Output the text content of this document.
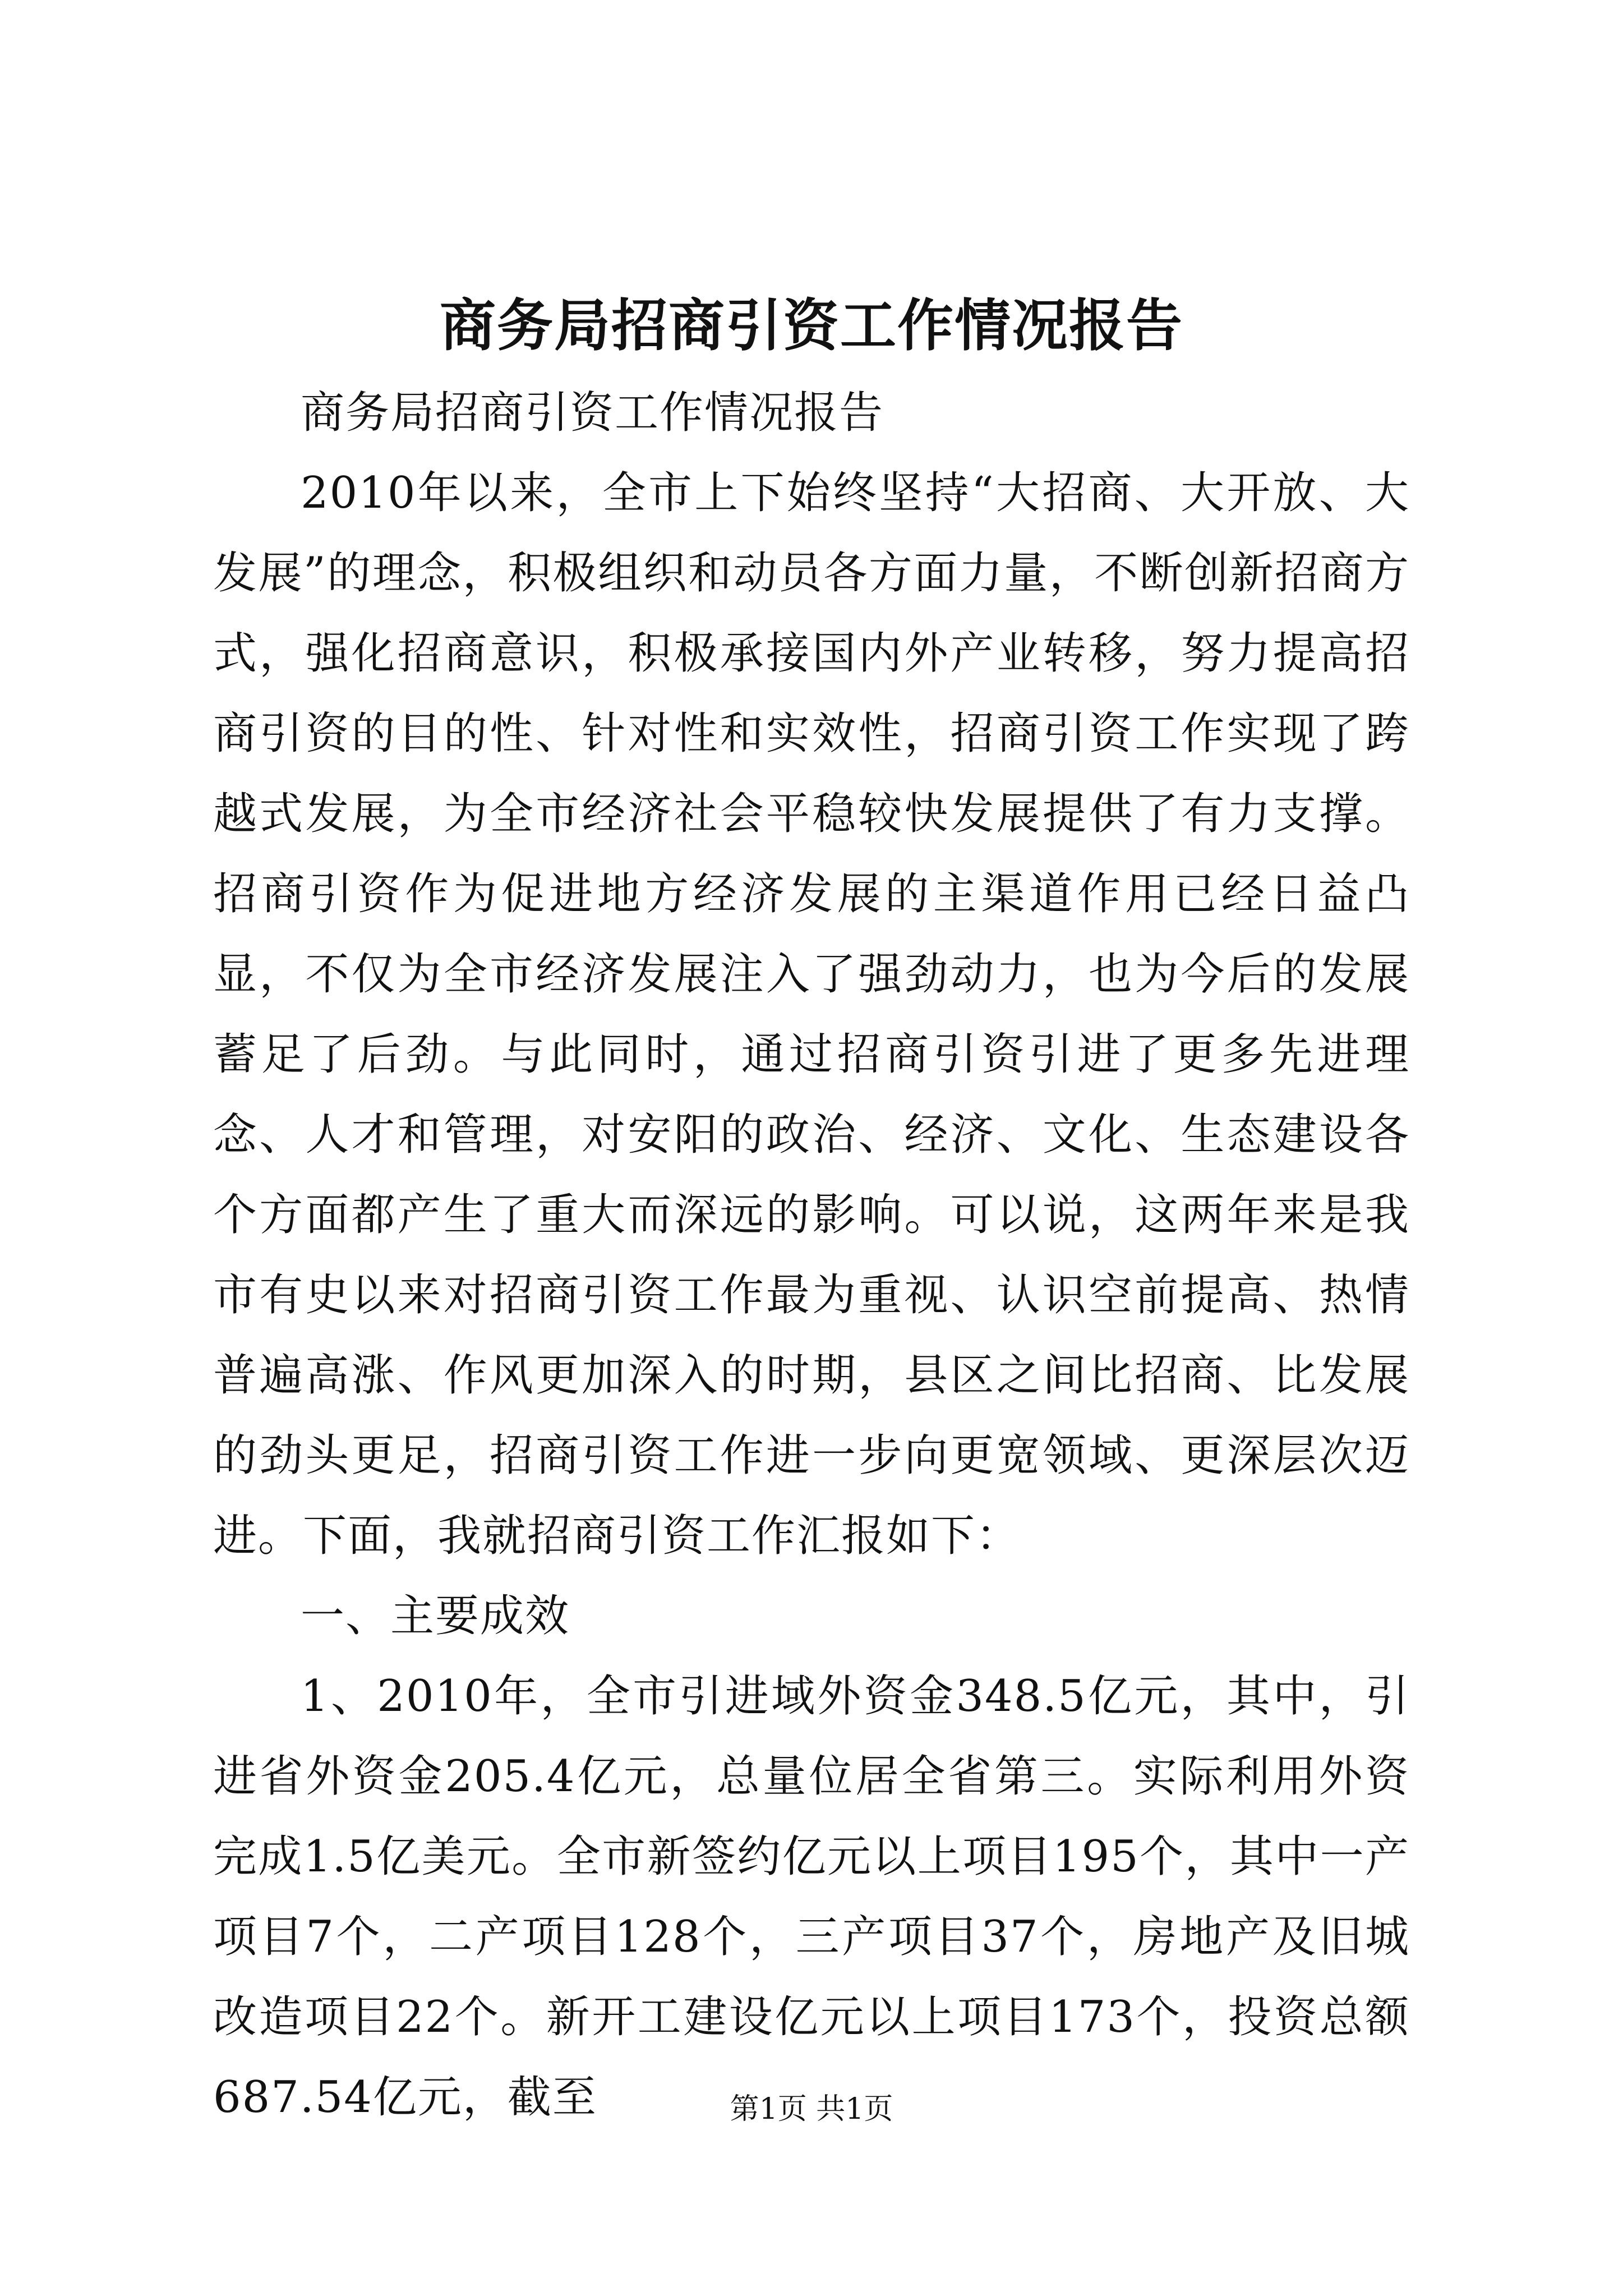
商务局招商引资工作情况报告

商务局招商引资工作情况报告

2010年以来，全市上下始终坚持“大招商、大开放、大发展”的理念，积极组织和动员各方面力量，不断创新招商方式，强化招商意识，积极承接国内外产业转移，努力提高招商引资的目的性、针对性和实效性，招商引资工作实现了跨越式发展，为全市经济社会平稳较快发展提供了有力支撑。招商引资作为促进地方经济发展的主渠道作用已经日益凸显，不仅为全市经济发展注入了强劲动力，也为今后的发展蓄足了后劲。与此同时，通过招商引资引进了更多先进理念、人才和管理，对安阳的政治、经济、文化、生态建设各个方面都产生了重大而深远的影响。可以说，这两年来是我市有史以来对招商引资工作最为重视、认识空前提高、热情普遍高涨、作风更加深入的时期，县区之间比招商、比发展的劲头更足，招商引资工作进一步向更宽领域、更深层次迈进。下面，我就招商引资工作汇报如下：

一、主要成效

1、2010年，全市引进域外资金348.5亿元，其中，引进省外资金205.4亿元，总量位居全省第三。实际利用外资完成1.5亿美元。全市新签约亿元以上项目195个，其中一产项目7个，二产项目128个，三产项目37个，房地产及旧城改造项目22个。新开工建设亿元以上项目173个，投资总额687.54亿元，截至	第1页 共1页
